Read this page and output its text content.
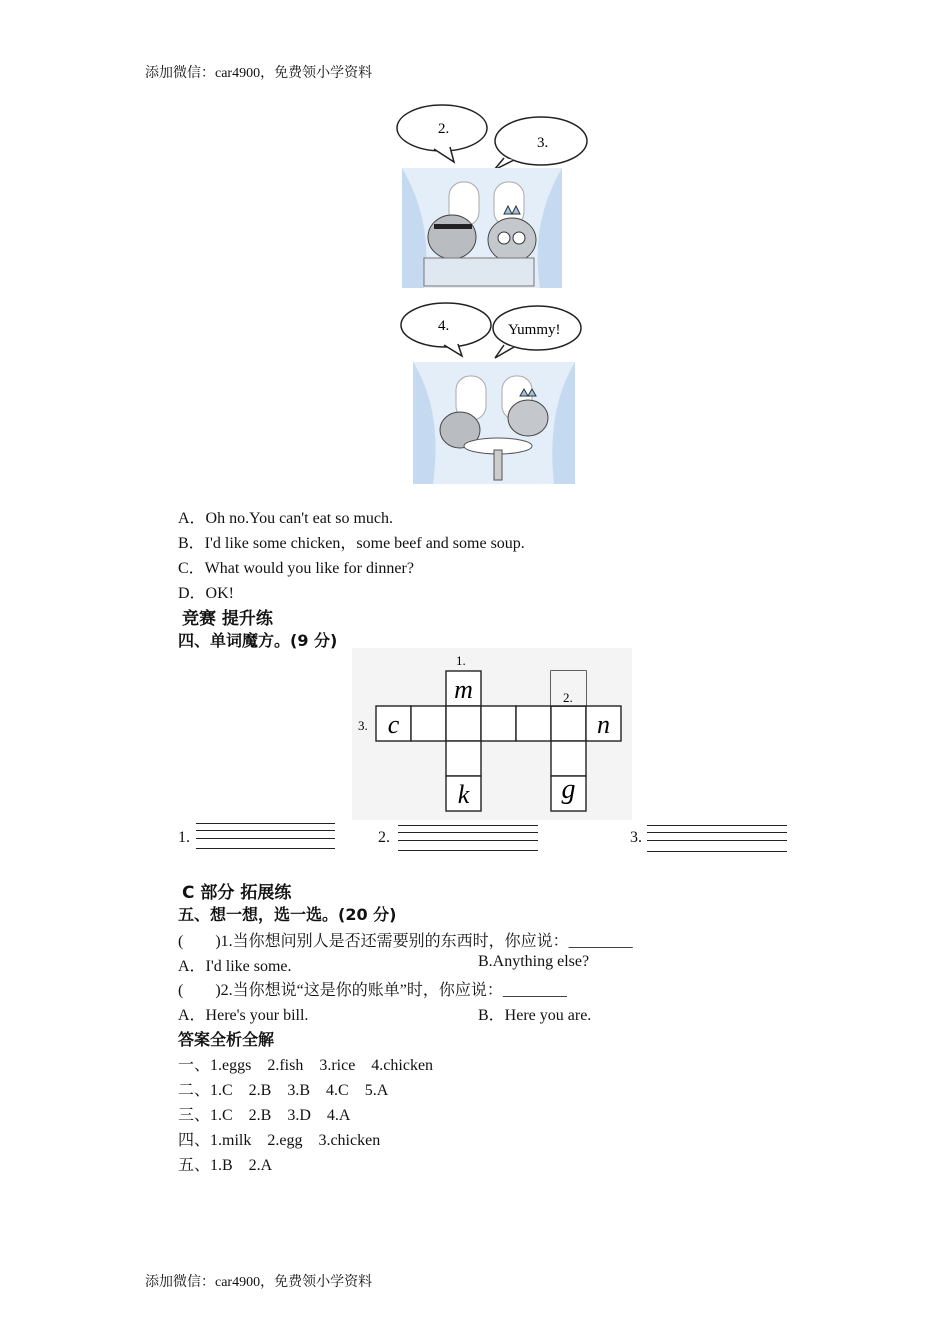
添加微信：car4900，免费领小学资料
2.
3.
4.	Yummy!
A．Oh no.You can't eat so much.
B．I'd like some chicken，some beef and some soup.
C．What would you like for dinner?
D．OK!
竞赛 提升练
四、单词魔方。(9 分)
1.
2.
3.
m
c	n
k	g
1.	2.	3.
C 部分 拓展练
五、想一想，选一选。(20 分)
(　　)1.当你想问别人是否还需要别的东西时，你应说：________
A．I'd like some.	B.Anything else?
(　　)2.当你想说“这是你的账单”时，你应说：________
A．Here's your bill.	B．Here you are.
答案全析全解
一、1.eggs　2.fish　3.rice　4.chicken
二、1.C　2.B　3.B　4.C　5.A
三、1.C　2.B　3.D　4.A
四、1.milk　2.egg　3.chicken
五、1.B　2.A
添加微信：car4900，免费领小学资料
